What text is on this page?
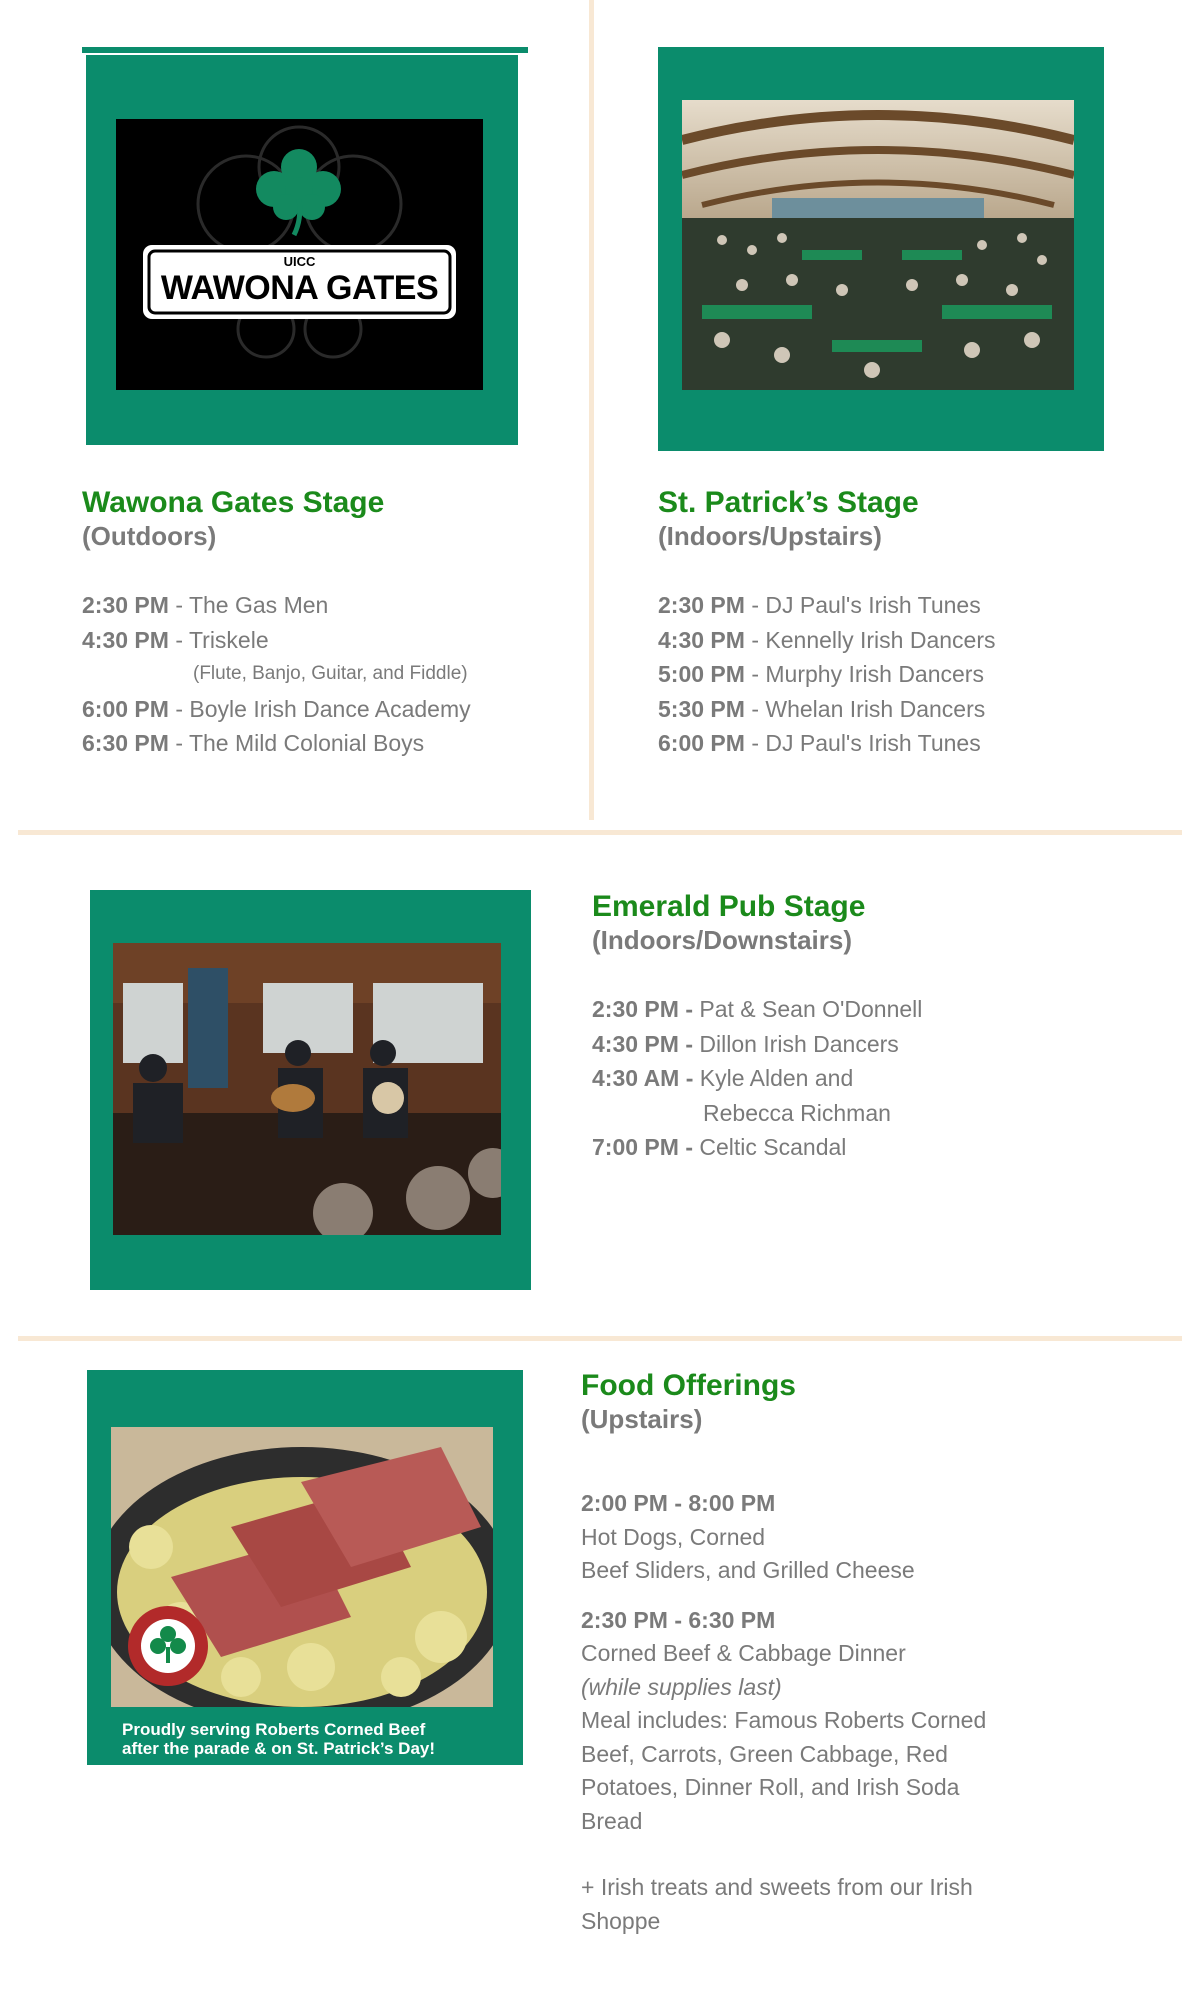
UICC
WAWONA GATES
Wawona Gates Stage
(Outdoors)
2:30 PM - The Gas Men
4:30 PM - Triskele
(Flute, Banjo, Guitar, and Fiddle)
6:00 PM - Boyle Irish Dance Academy
6:30 PM - The Mild Colonial Boys
St. Patrick’s Stage
(Indoors/Upstairs)
2:30 PM - DJ Paul's Irish Tunes
4:30 PM - Kennelly Irish Dancers
5:00 PM - Murphy Irish Dancers
5:30 PM - Whelan Irish Dancers
6:00 PM - DJ Paul's Irish Tunes
Emerald Pub Stage
(Indoors/Downstairs)
2:30 PM - Pat & Sean O'Donnell
4:30 PM - Dillon Irish Dancers
4:30 AM - Kyle Alden and
Rebecca Richman
7:00 PM - Celtic Scandal
Proudly serving Roberts Corned Beef
after the parade & on St. Patrick’s Day!
Food Offerings
(Upstairs)
2:00 PM - 8:00 PM
Hot Dogs, Corned
Beef Sliders, and Grilled Cheese
2:30 PM - 6:30 PM
Corned Beef & Cabbage Dinner
(while supplies last)
Meal includes: Famous Roberts Corned
Beef, Carrots, Green Cabbage, Red
Potatoes, Dinner Roll, and Irish Soda
Bread
+ Irish treats and sweets from our Irish
Shoppe
